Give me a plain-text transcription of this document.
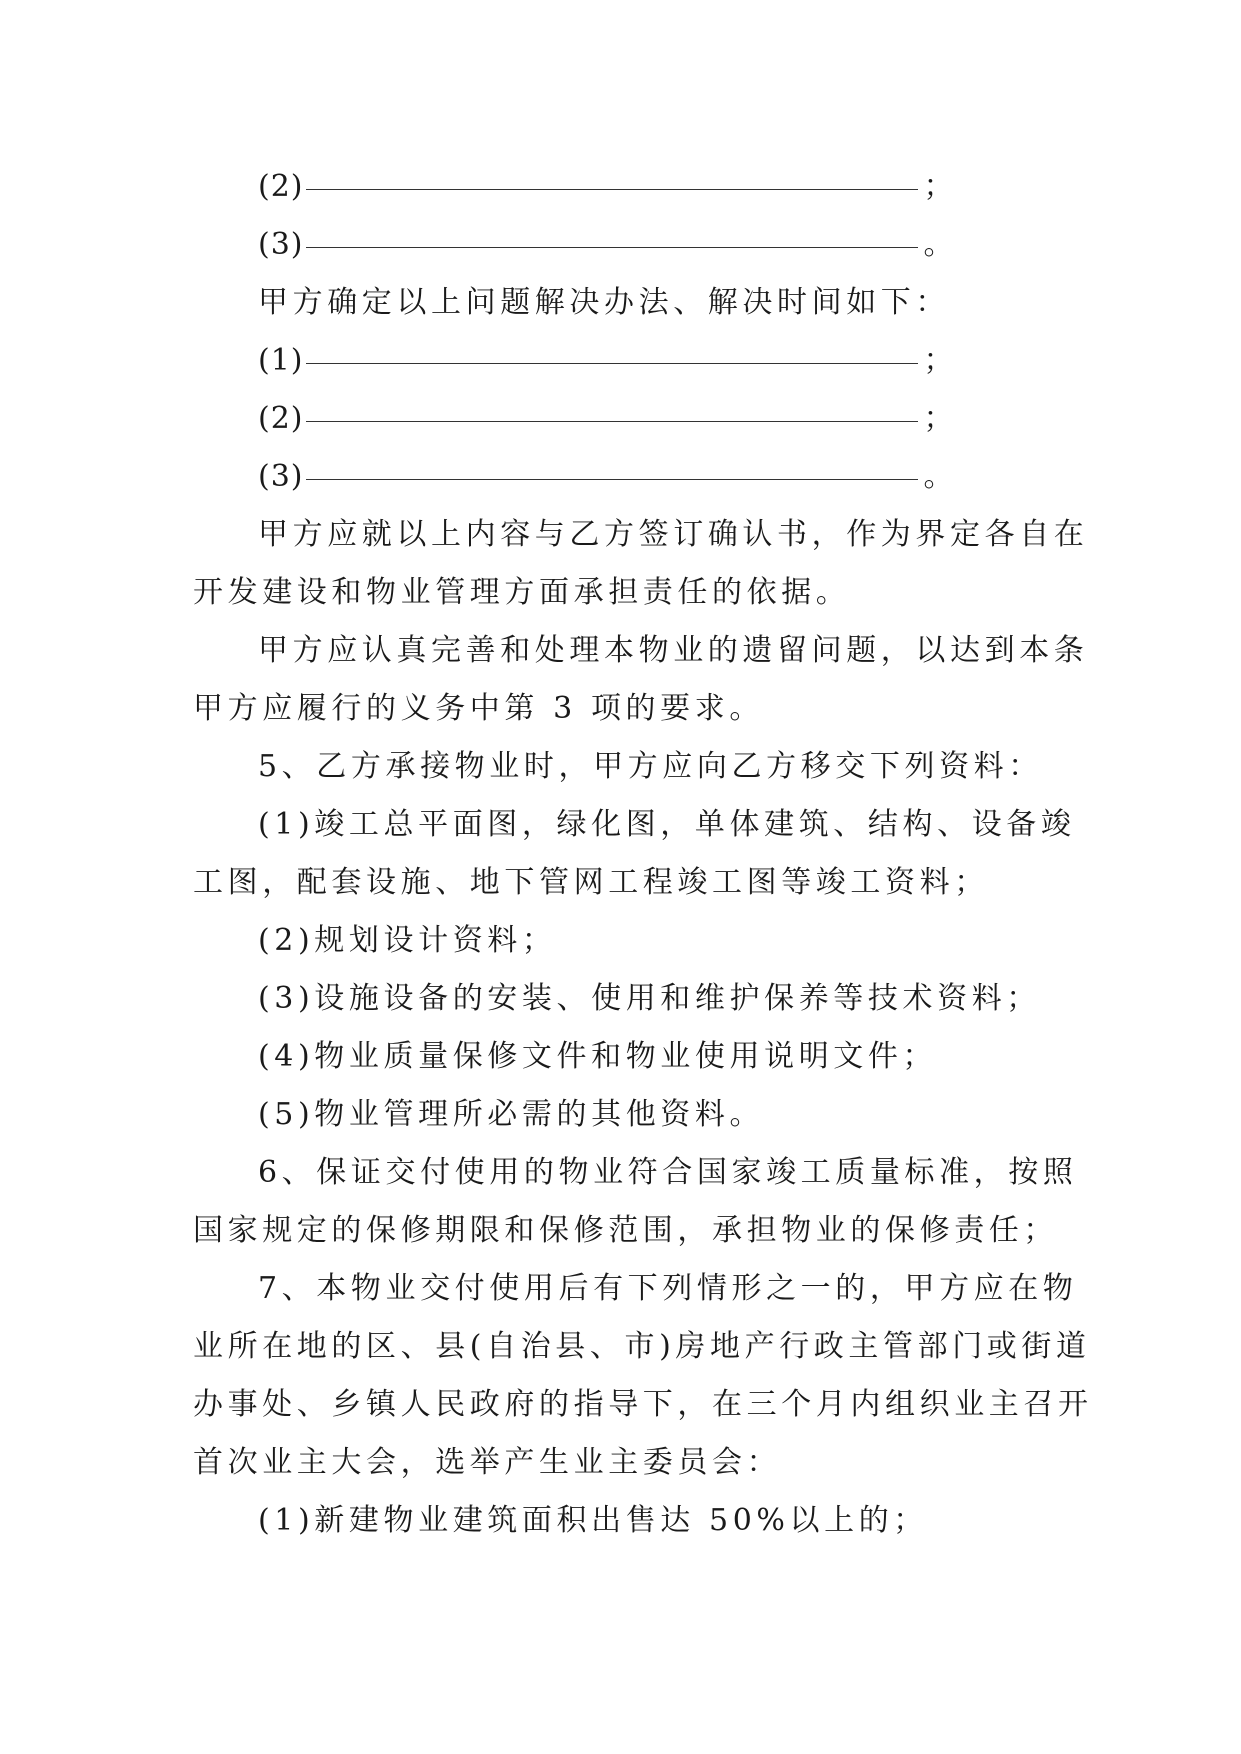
(2)	；
(3)	。
甲方确定以上问题解决办法、解决时间如下：
(1)	；
(2)	；
(3)	。
甲方应就以上内容与乙方签订确认书，作为界定各自在
开发建设和物业管理方面承担责任的依据。
甲方应认真完善和处理本物业的遗留问题，以达到本条
甲方应履行的义务中第 3 项的要求。
5、乙方承接物业时，甲方应向乙方移交下列资料：
(1)竣工总平面图，绿化图，单体建筑、结构、设备竣
工图，配套设施、地下管网工程竣工图等竣工资料；
(2)规划设计资料；
(3)设施设备的安装、使用和维护保养等技术资料；
(4)物业质量保修文件和物业使用说明文件；
(5)物业管理所必需的其他资料。
6、保证交付使用的物业符合国家竣工质量标准，按照
国家规定的保修期限和保修范围，承担物业的保修责任；
7、本物业交付使用后有下列情形之一的，甲方应在物
业所在地的区、县(自治县、市)房地产行政主管部门或街道
办事处、乡镇人民政府的指导下，在三个月内组织业主召开
首次业主大会，选举产生业主委员会：
(1)新建物业建筑面积出售达 50%以上的；
